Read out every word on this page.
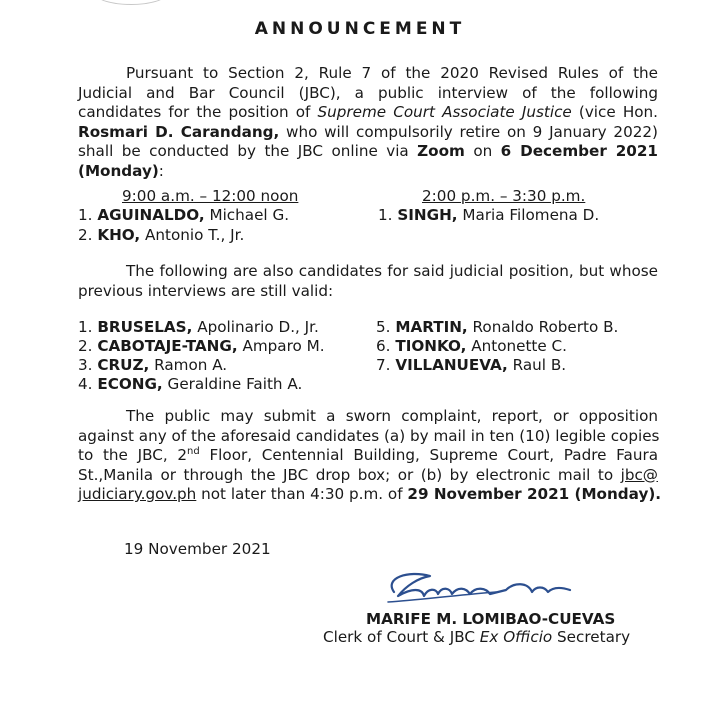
ANNOUNCEMENT
Pursuant to Section 2, Rule 7 of the 2020 Revised Rules of the
Judicial and Bar Council (JBC), a public interview of the following
candidates for the position of Supreme Court Associate Justice (vice Hon.
Rosmari D. Carandang, who will compulsorily retire on 9 January 2022)
shall be conducted by the JBC online via Zoom on 6 December 2021
(Monday):
9:00 a.m. – 12:00 noon
1. AGUINALDO, Michael G.
2. KHO, Antonio T., Jr.
2:00 p.m. – 3:30 p.m.
1. SINGH, Maria Filomena D.
The following are also candidates for said judicial position, but whose previous interviews are still valid:
1. BRUSELAS, Apolinario D., Jr.
2. CABOTAJE-TANG, Amparo M.
3. CRUZ, Ramon A.
4. ECONG, Geraldine Faith A.
5. MARTIN, Ronaldo Roberto B.
6. TIONKO, Antonette C.
7. VILLANUEVA, Raul B.
The public may submit a sworn complaint, report, or opposition
against any of the aforesaid candidates (a) by mail in ten (10) legible copies
to the JBC, 2nd Floor, Centennial Building, Supreme Court, Padre Faura
St.,Manila or through the JBC drop box; or (b) by electronic mail to jbc@
judiciary.gov.ph not later than 4:30 p.m. of 29 November 2021 (Monday).
19 November 2021
MARIFE M. LOMIBAO-CUEVAS
Clerk of Court & JBC Ex Officio Secretary
